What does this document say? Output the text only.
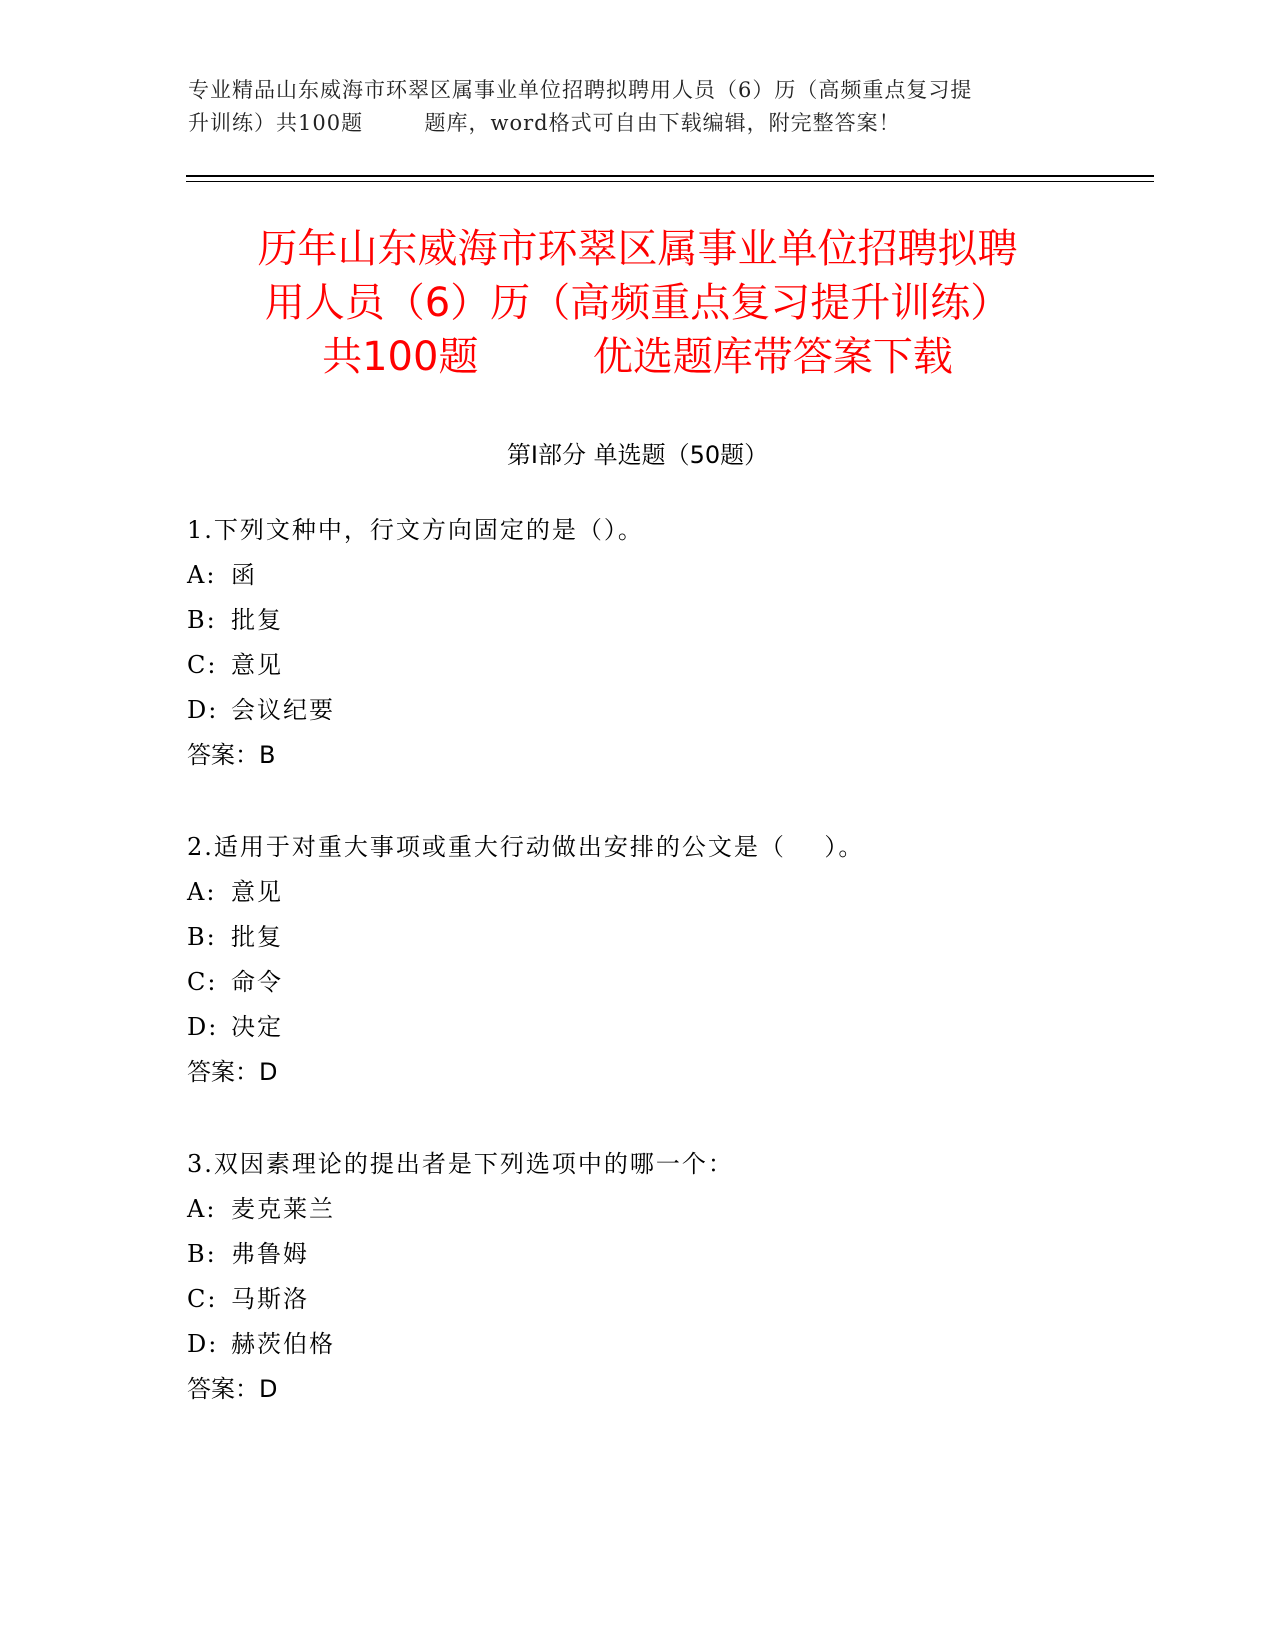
专业精品山东威海市环翠区属事业单位招聘拟聘用人员（6）历（高频重点复习提
升训练）共100题        题库，word格式可自由下载编辑，附完整答案！
历年山东威海市环翠区属事业单位招聘拟聘
用人员（6）历（高频重点复习提升训练）
共100题         优选题库带答案下载
第Ⅰ部分 单选题（50题）
1.下列文种中，行文方向固定的是（）。
A: 函
B: 批复
C: 意见
D: 会议纪要
答案：B
2.适用于对重大事项或重大行动做出安排的公文是（    ）。
A: 意见
B: 批复
C: 命令
D: 决定
答案：D
3.双因素理论的提出者是下列选项中的哪一个：
A: 麦克莱兰
B: 弗鲁姆
C: 马斯洛
D: 赫茨伯格
答案：D
